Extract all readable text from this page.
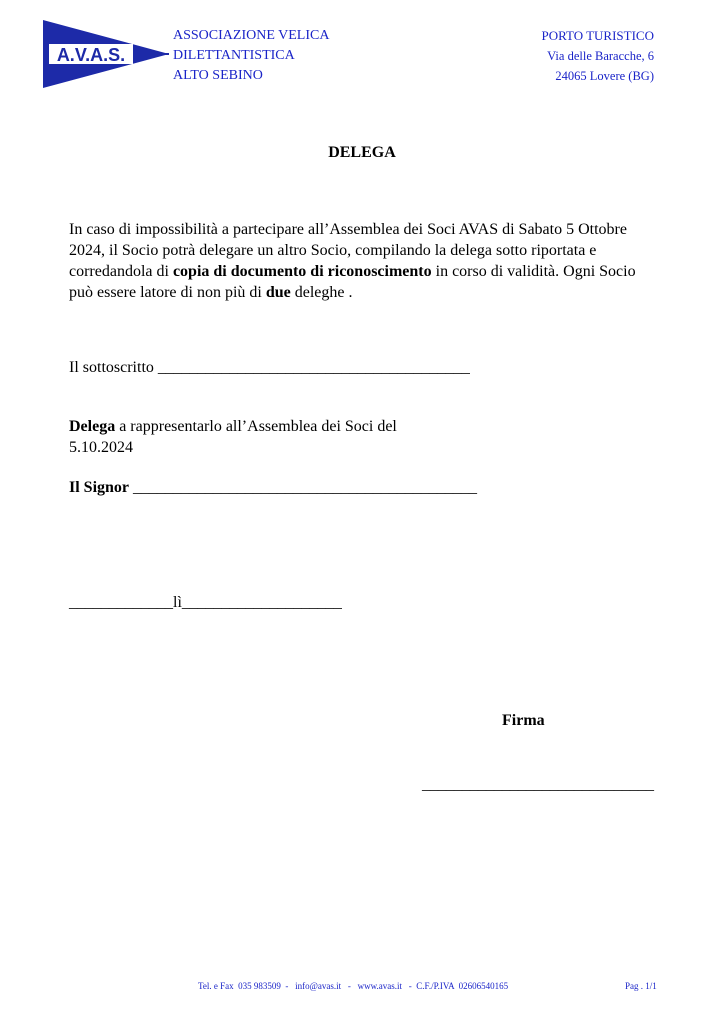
A.V.A.S.
ASSOCIAZIONE VELICA
DILETTANTISTICA
ALTO SEBINO
PORTO TURISTICO
Via delle Baracche, 6
24065 Lovere (BG)
DELEGA
In caso di impossibilità a partecipare all’Assemblea dei Soci AVAS di Sabato 5 Ottobre 2024, il Socio potrà delegare un altro Socio, compilando la delega sotto riportata e corredandola di copia di documento di riconoscimento in corso di validità. Ogni Socio può essere latore di non più di due deleghe .
Il sottoscritto _______________________________________
Delega a rappresentarlo all’Assemblea dei Soci del 5.10.2024
Il Signor ___________________________________________
_____________lì____________________
Firma
_____________________________
Tel. e Fax  035 983509  -   info@avas.it   -   www.avas.it   -  C.F./P.IVA  02606540165	Pag . 1/1
